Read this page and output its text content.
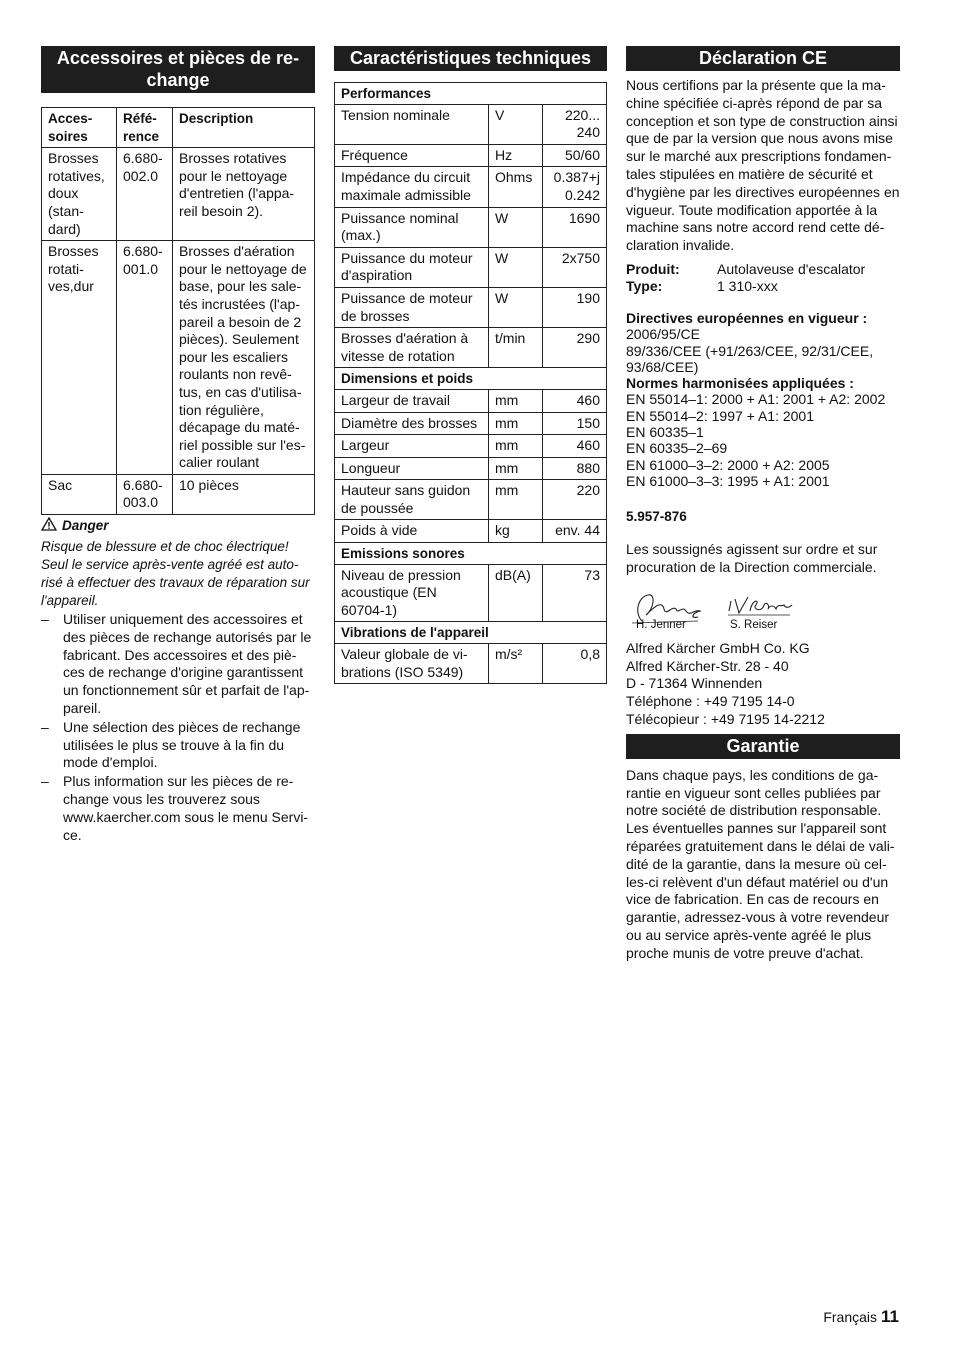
Accessoires et pièces de re-change
Acces-soires	Réfé-rence	Description
Brosses rotatives, doux (stan-dard)	6.680-002.0	Brosses rotatives pour le nettoyage d'entretien (l'appa-reil besoin 2).
Brosses rotati-ves,dur	6.680-001.0	Brosses d'aération pour le nettoyage de base, pour les sale-tés incrustées (l'ap-pareil a besoin de 2 pièces). Seulement pour les escaliers roulants non revê-tus, en cas d'utilisa-tion régulière, décapage du maté-riel possible sur l'es-calier roulant
Sac	6.680-003.0	10 pièces
Danger
Risque de blessure et de choc électrique! Seul le service après-vente agréé est auto-risé à effectuer des travaux de réparation sur l'appareil.
– Utiliser uniquement des accessoires et des pièces de rechange autorisés par le fabricant. Des accessoires et des piè-ces de rechange d'origine garantissent un fonctionnement sûr et parfait de l'ap-pareil.
– Une sélection des pièces de rechange utilisées le plus se trouve à la fin du mode d'emploi.
– Plus information sur les pièces de re-change vous les trouverez sous www.kaercher.com sous le menu Servi-ce.
Caractéristiques techniques
Performances		
Tension nominale	V	220... 240
Fréquence	Hz	50/60
Impédance du circuit maximale admissible	Ohms	0.387+j 0.242
Puissance nominal (max.)	W	1690
Puissance du moteur d'aspiration	W	2x750
Puissance de moteur de brosses	W	190
Brosses d'aération à vitesse de rotation	t/min	290
Dimensions et poids		
Largeur de travail	mm	460
Diamètre des brosses	mm	150
Largeur	mm	460
Longueur	mm	880
Hauteur sans guidon de poussée	mm	220
Poids à vide	kg	env. 44
Emissions sonores		
Niveau de pression acoustique (EN 60704-1)	dB(A)	73
Vibrations de l'appareil		
Valeur globale de vi-brations (ISO 5349)	m/s²	0,8
Déclaration CE

Nous certifions par la présente que la ma-chine spécifiée ci-après répond de par sa conception et son type de construction ainsi que de par la version que nous avons mise sur le marché aux prescriptions fondamen-tales stipulées en matière de sécurité et d'hygiène par les directives européennes en vigueur. Toute modification apportée à la machine sans notre accord rend cette dé-claration invalide.

Produit:	Autolaveuse d'escalator
Type:	1 310-xxx
Directives européennes en vigueur :
2006/95/CE
89/336/CEE (+91/263/CEE, 92/31/CEE, 93/68/CEE)
Normes harmonisées appliquées :
EN 55014–1: 2000 + A1: 2001 + A2: 2002
EN 55014–2: 1997 + A1: 2001
EN 60335–1
EN 60335–2–69
EN 61000–3–2: 2000 + A2: 2005
EN 61000–3–3: 1995 + A1: 2001
5.957-876

Les soussignés agissent sur ordre et sur procuration de la Direction commerciale.

H. Jenner	S. Reiser

Alfred Kärcher GmbH Co. KG

Alfred Kärcher-Str. 28 - 40

D - 71364 Winnenden

Téléphone : +49 7195 14-0

Télécopieur : +49 7195 14-2212

Garantie

Dans chaque pays, les conditions de ga-rantie en vigueur sont celles publiées par notre société de distribution responsable. Les éventuelles pannes sur l'appareil sont réparées gratuitement dans le délai de vali-dité de la garantie, dans la mesure où cel-les-ci relèvent d'un défaut matériel ou d'un vice de fabrication. En cas de recours en garantie, adressez-vous à votre revendeur ou au service après-vente agréé le plus proche munis de votre preuve d'achat.

Français 11
